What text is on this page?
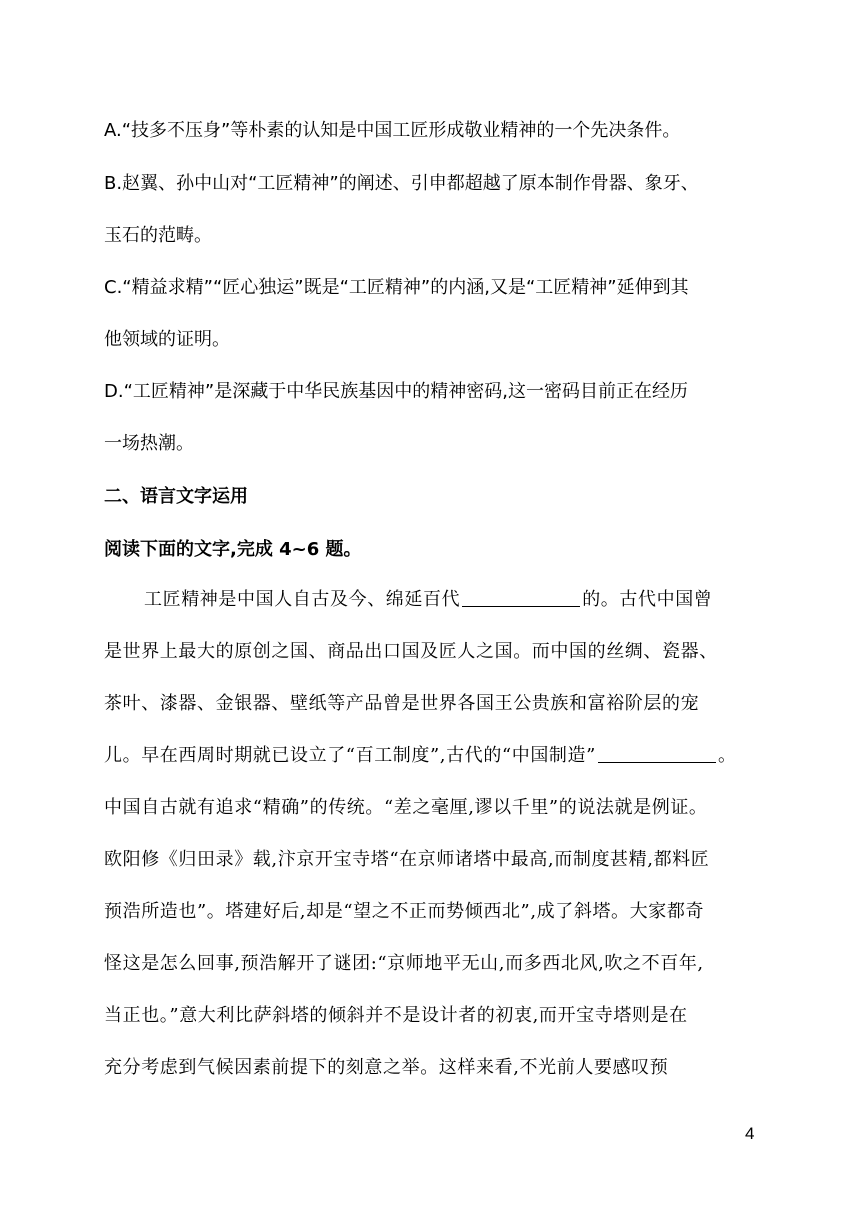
A.“技多不压身”等朴素的认知是中国工匠形成敬业精神的一个先决条件。
B.赵翼、孙中山对“工匠精神”的阐述、引申都超越了原本制作骨器、象牙、
玉石的范畴。
C.“精益求精”“匠心独运”既是“工匠精神”的内涵,又是“工匠精神”延伸到其
他领域的证明。
D.“工匠精神”是深藏于中华民族基因中的精神密码,这一密码目前正在经历
一场热潮。
二、语言文字运用
阅读下面的文字,完成 4~6 题。
工匠精神是中国人自古及今、绵延百代	的。古代中国曾
是世界上最大的原创之国、商品出口国及匠人之国。而中国的丝绸、瓷器、
茶叶、漆器、金银器、壁纸等产品曾是世界各国王公贵族和富裕阶层的宠
儿。早在西周时期就已设立了“百工制度”,古代的“中国制造”	。
中国自古就有追求“精确”的传统。“差之毫厘,谬以千里”的说法就是例证。
欧阳修《归田录》载,汴京开宝寺塔“在京师诸塔中最高,而制度甚精,都料匠
预浩所造也”。塔建好后,却是“望之不正而势倾西北”,成了斜塔。大家都奇
怪这是怎么回事,预浩解开了谜团:“京师地平无山,而多西北风,吹之不百年,
当正也。”意大利比萨斜塔的倾斜并不是设计者的初衷,而开宝寺塔则是在
充分考虑到气候因素前提下的刻意之举。这样来看,不光前人要感叹预
4
